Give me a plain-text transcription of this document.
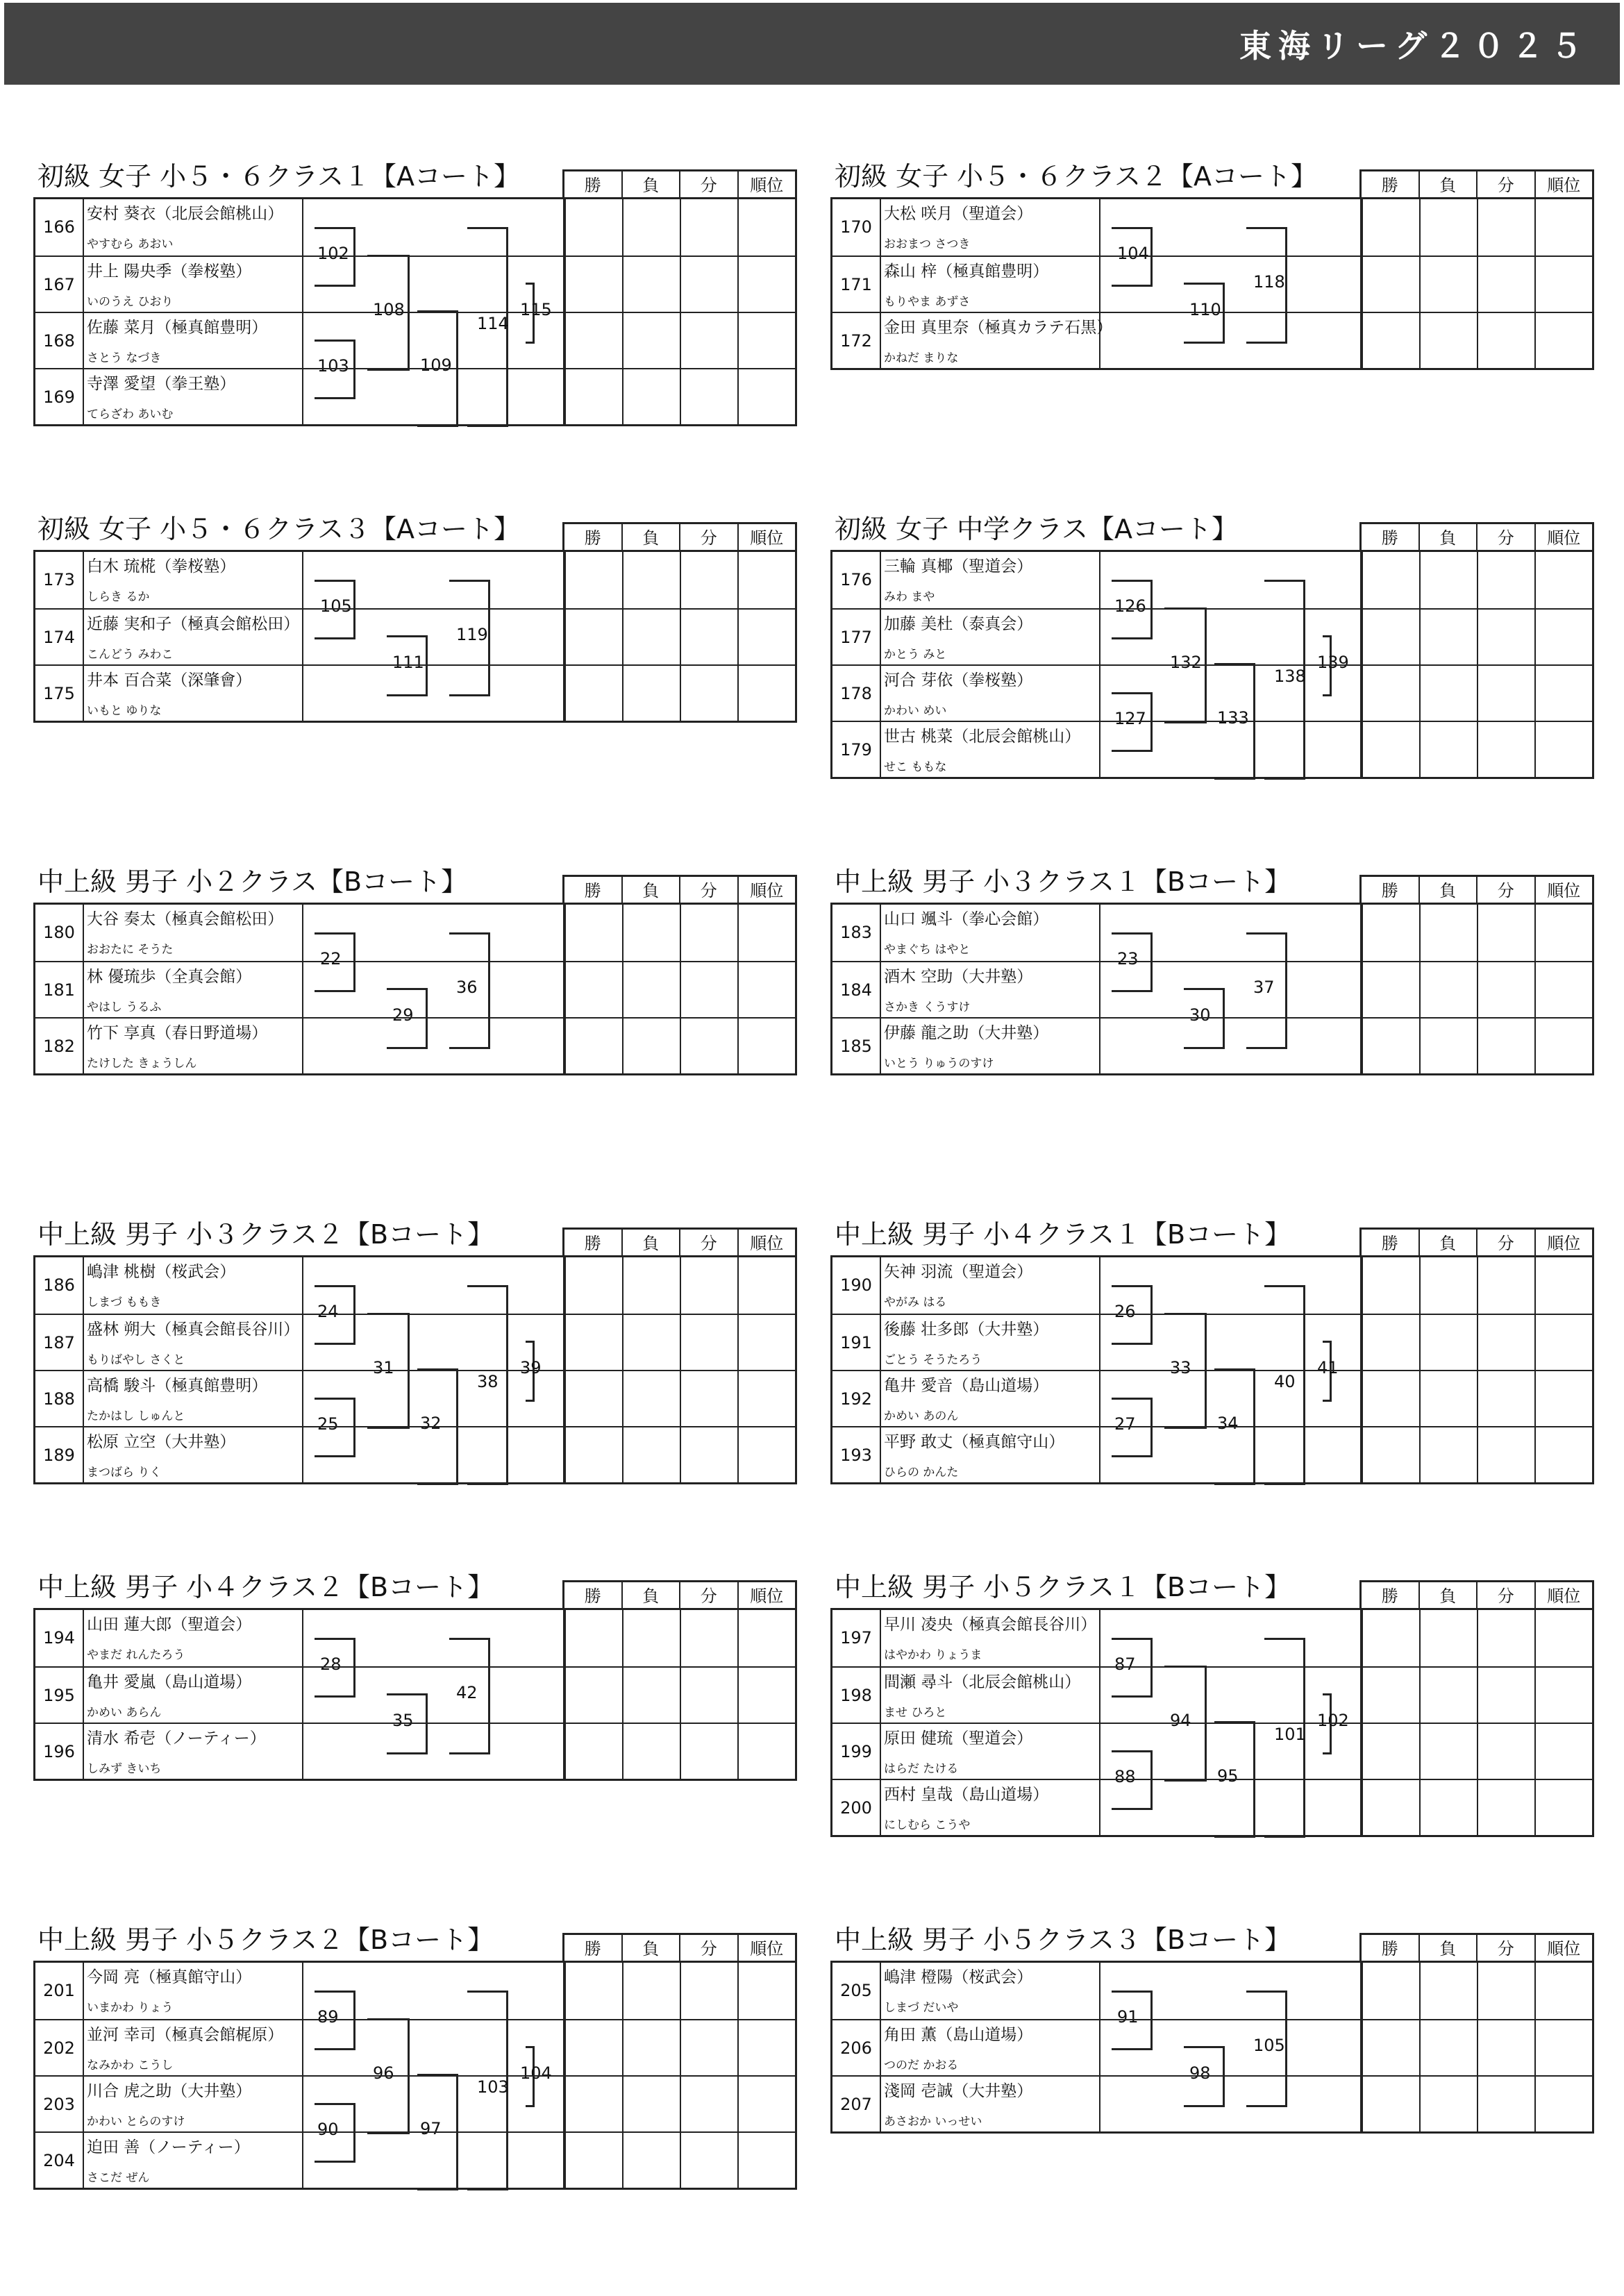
東海リーグ２０２５
初級 女子 小５・６クラス１【Aコート】	勝	負	分	順位
102
103
108
109
114
115
166
安村 葵衣（北辰会館桃山）
やすむら あおい
167
井上 陽央季（拳桜塾）
いのうえ ひおり
168
佐藤 菜月（極真館豊明）
さとう なづき
169
寺澤 愛望（拳王塾）
てらざわ あいむ
初級 女子 小５・６クラス２【Aコート】	勝	負	分	順位
104
110
118
170
大松 咲月（聖道会）
おおまつ さつき
171
森山 梓（極真館豊明）
もりやま あずさ
172
金田 真里奈（極真カラテ石黒）
かねだ まりな
初級 女子 小５・６クラス３【Aコート】	勝	負	分	順位
105
111
119
173
白木 琉椛（拳桜塾）
しらき るか
174
近藤 実和子（極真会館松田）
こんどう みわこ
175
井本 百合菜（深肇會）
いもと ゆりな
初級 女子 中学クラス【Aコート】	勝	負	分	順位
126
127
132
133
138
139
176
三輪 真椰（聖道会）
みわ まや
177
加藤 美杜（泰真会）
かとう みと
178
河合 芽依（拳桜塾）
かわい めい
179
世古 桃菜（北辰会館桃山）
せこ ももな
中上級 男子 小２クラス【Bコート】	勝	負	分	順位
22
29
36
180
大谷 奏太（極真会館松田）
おおたに そうた
181
林 優琉歩（全真会館）
やはし うるふ
182
竹下 享真（春日野道場）
たけした きょうしん
中上級 男子 小３クラス１【Bコート】	勝	負	分	順位
23
30
37
183
山口 颯斗（拳心会館）
やまぐち はやと
184
酒木 空助（大井塾）
さかき くうすけ
185
伊藤 龍之助（大井塾）
いとう りゅうのすけ
中上級 男子 小３クラス２【Bコート】	勝	負	分	順位
24
25
31
32
38
39
186
嶋津 桃樹（桜武会）
しまづ ももき
187
盛林 朔大（極真会館長谷川）
もりばやし さくと
188
高橋 駿斗（極真館豊明）
たかはし しゅんと
189
松原 立空（大井塾）
まつばら りく
中上級 男子 小４クラス１【Bコート】	勝	負	分	順位
26
27
33
34
40
41
190
矢神 羽流（聖道会）
やがみ はる
191
後藤 壮多郎（大井塾）
ごとう そうたろう
192
亀井 愛音（島山道場）
かめい あのん
193
平野 敢丈（極真館守山）
ひらの かんた
中上級 男子 小４クラス２【Bコート】	勝	負	分	順位
28
35
42
194
山田 蓮大郎（聖道会）
やまだ れんたろう
195
亀井 愛嵐（島山道場）
かめい あらん
196
清水 希壱（ノーティー）
しみず きいち
中上級 男子 小５クラス１【Bコート】	勝	負	分	順位
87
88
94
95
101
102
197
早川 凌央（極真会館長谷川）
はやかわ りょうま
198
間瀬 尋斗（北辰会館桃山）
ませ ひろと
199
原田 健琉（聖道会）
はらだ たける
200
西村 皇哉（島山道場）
にしむら こうや
中上級 男子 小５クラス２【Bコート】	勝	負	分	順位
89
90
96
97
103
104
201
今岡 亮（極真館守山）
いまかわ りょう
202
並河 幸司（極真会館梶原）
なみかわ こうし
203
川合 虎之助（大井塾）
かわい とらのすけ
204
迫田 善（ノーティー）
さこだ ぜん
中上級 男子 小５クラス３【Bコート】	勝	負	分	順位
91
98
105
205
嶋津 橙陽（桜武会）
しまづ だいや
206
角田 薫（島山道場）
つのだ かおる
207
淺岡 壱誠（大井塾）
あさおか いっせい
